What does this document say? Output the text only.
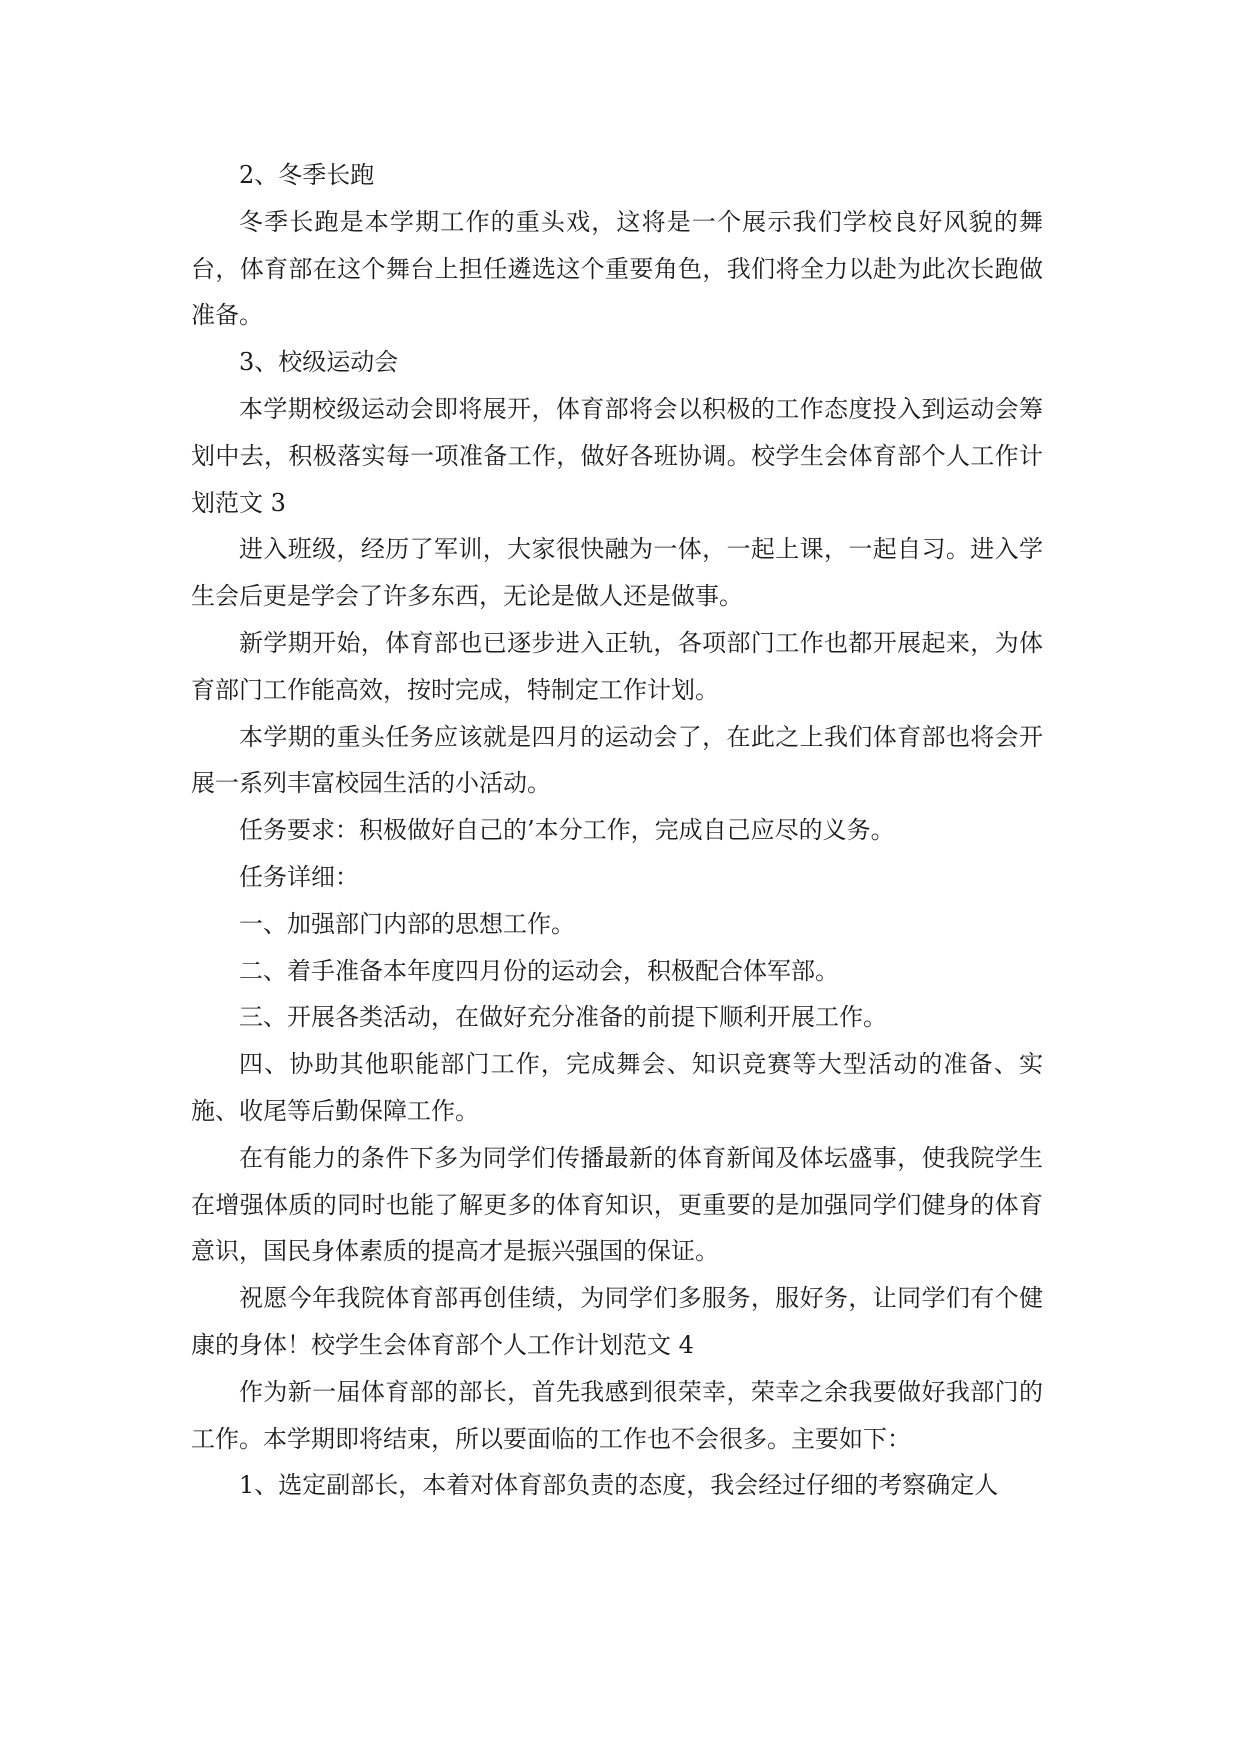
2、冬季长跑

冬季长跑是本学期工作的重头戏，这将是一个展示我们学校良好风貌的舞台，体育部在这个舞台上担任遴选这个重要角色，我们将全力以赴为此次长跑做准备。

3、校级运动会

本学期校级运动会即将展开，体育部将会以积极的工作态度投入到运动会筹划中去，积极落实每一项准备工作，做好各班协调。校学生会体育部个人工作计划范文 3

进入班级，经历了军训，大家很快融为一体，一起上课，一起自习。进入学生会后更是学会了许多东西，无论是做人还是做事。

新学期开始，体育部也已逐步进入正轨，各项部门工作也都开展起来，为体育部门工作能高效，按时完成，特制定工作计划。

本学期的重头任务应该就是四月的运动会了，在此之上我们体育部也将会开展一系列丰富校园生活的小活动。

任务要求：积极做好自己的’本分工作，完成自己应尽的义务。

任务详细：

一、加强部门内部的思想工作。

二、着手准备本年度四月份的运动会，积极配合体军部。

三、开展各类活动，在做好充分准备的前提下顺利开展工作。

四、协助其他职能部门工作，完成舞会、知识竞赛等大型活动的准备、实施、收尾等后勤保障工作。

在有能力的条件下多为同学们传播最新的体育新闻及体坛盛事，使我院学生在增强体质的同时也能了解更多的体育知识，更重要的是加强同学们健身的体育意识，国民身体素质的提高才是振兴强国的保证。

祝愿今年我院体育部再创佳绩，为同学们多服务，服好务，让同学们有个健康的身体！校学生会体育部个人工作计划范文 4

作为新一届体育部的部长，首先我感到很荣幸，荣幸之余我要做好我部门的工作。本学期即将结束，所以要面临的工作也不会很多。主要如下：

1、选定副部长，本着对体育部负责的态度，我会经过仔细的考察确定人
